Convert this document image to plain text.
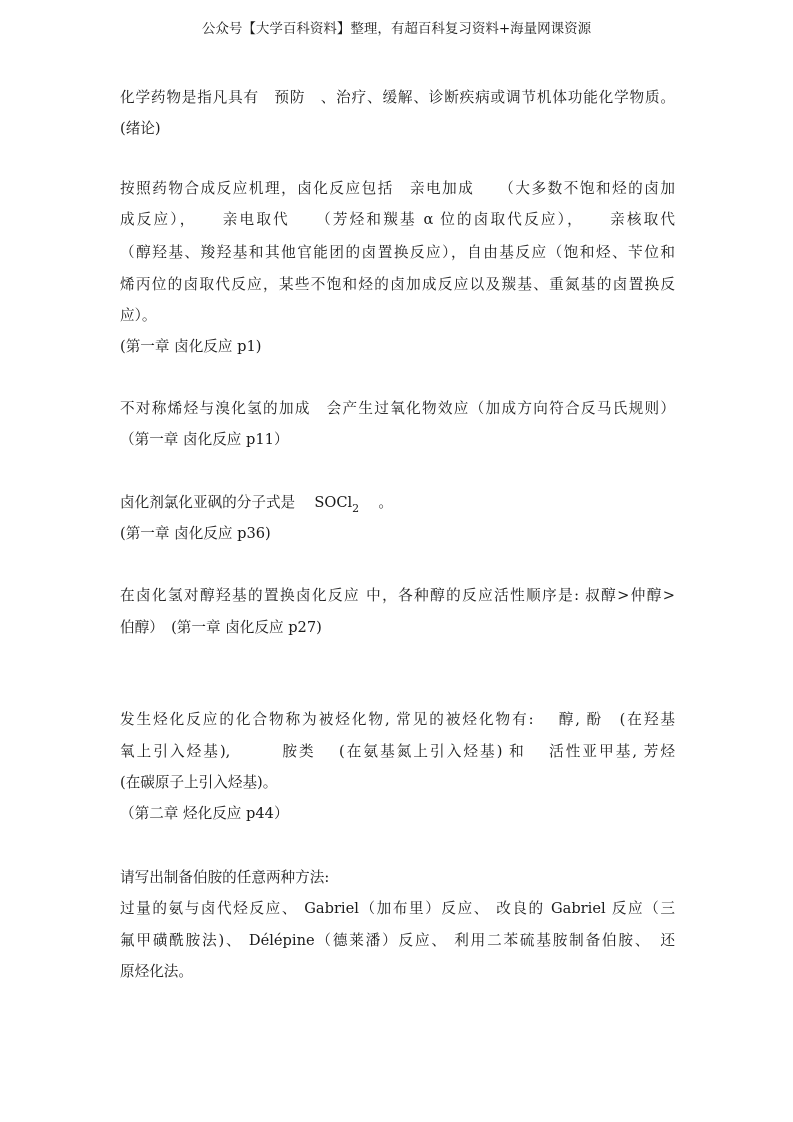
公众号【大学百科资料】整理，有超百科复习资料+海量网课资源
化学药物是指凡具有　预防　、治疗、缓解、诊断疾病或调节机体功能化学物质。
(绪论)
按照药物合成反应机理，卤化反应包括　亲电加成　　（大多数不饱和烃的卤加
成反应），　　亲电取代　　（芳烃和羰基 α 位的卤取代反应），　　亲核取代
（醇羟基、羧羟基和其他官能团的卤置换反应），自由基反应（饱和烃、苄位和
烯丙位的卤取代反应，某些不饱和烃的卤加成反应以及羰基、重氮基的卤置换反
应）。
(第一章 卤化反应 p1)
不对称烯烃与溴化氢的加成　会产生过氧化物效应（加成方向符合反马氏规则）
（第一章 卤化反应 p11）
卤化剂氯化亚砜的分子式是　 SOCl$_2$　 。
(第一章 卤化反应 p36)
在卤化氢对醇羟基的置换卤化反应 中，各种醇的反应活性顺序是: 叔醇>仲醇>
伯醇）　(第一章 卤化反应 p27)
发生烃化反应的化合物称为被烃化物, 常见的被烃化物有:　 醇, 酚　(在羟基
氧上引入烃基),　　　胺类　 (在氨基氮上引入烃基) 和　 活性亚甲基, 芳烃
(在碳原子上引入烃基)。
（第二章 烃化反应 p44）
请写出制备伯胺的任意两种方法:
过量的氨与卤代烃反应、 Gabriel（加布里）反应、 改良的 Gabriel 反应（三
氟甲磺酰胺法)、 Délépine（德莱潘）反应、 利用二苯硫基胺制备伯胺、　还
原烃化法。
